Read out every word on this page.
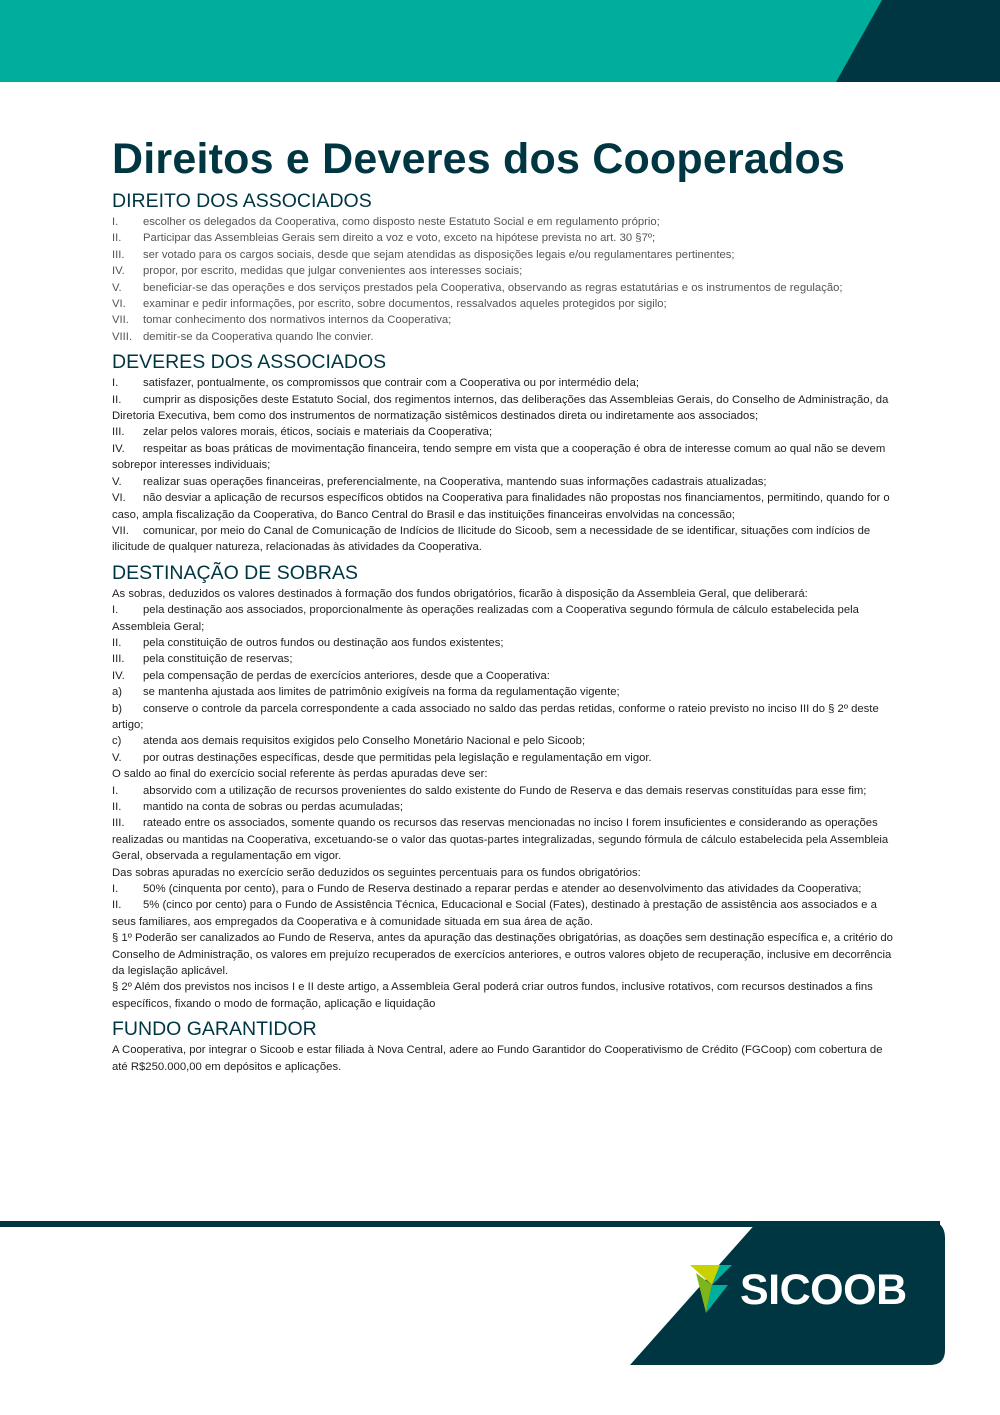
Direitos e Deveres dos Cooperados
DIREITO DOS ASSOCIADOS
I. escolher os delegados da Cooperativa, como disposto neste Estatuto Social e em regulamento próprio;
II. Participar das Assembleias Gerais sem direito a voz e voto, exceto na hipótese prevista no art. 30 §7º;
III. ser votado para os cargos sociais, desde que sejam atendidas as disposições legais e/ou regulamentares pertinentes;
IV. propor, por escrito, medidas que julgar convenientes aos interesses sociais;
V. beneficiar-se das operações e dos serviços prestados pela Cooperativa, observando as regras estatutárias e os instrumentos de regulação;
VI. examinar e pedir informações, por escrito, sobre documentos, ressalvados aqueles protegidos por sigilo;
VII. tomar conhecimento dos normativos internos da Cooperativa;
VIII. demitir-se da Cooperativa quando lhe convier.
DEVERES DOS ASSOCIADOS
I. satisfazer, pontualmente, os compromissos que contrair com a Cooperativa ou por intermédio dela;
II. cumprir as disposições deste Estatuto Social, dos regimentos internos, das deliberações das Assembleias Gerais, do Conselho de Administração, da Diretoria Executiva, bem como dos instrumentos de normatização sistêmicos destinados direta ou indiretamente aos associados;
III. zelar pelos valores morais, éticos, sociais e materiais da Cooperativa;
IV. respeitar as boas práticas de movimentação financeira, tendo sempre em vista que a cooperação é obra de interesse comum ao qual não se devem sobrepor interesses individuais;
V. realizar suas operações financeiras, preferencialmente, na Cooperativa, mantendo suas informações cadastrais atualizadas;
VI. não desviar a aplicação de recursos específicos obtidos na Cooperativa para finalidades não propostas nos financiamentos, permitindo, quando for o caso, ampla fiscalização da Cooperativa, do Banco Central do Brasil e das instituições financeiras envolvidas na concessão;
VII. comunicar, por meio do Canal de Comunicação de Indícios de Ilicitude do Sicoob, sem a necessidade de se identificar, situações com indícios de ilicitude de qualquer natureza, relacionadas às atividades da Cooperativa.
DESTINAÇÃO DE SOBRAS

As sobras, deduzidos os valores destinados à formação dos fundos obrigatórios, ficarão à disposição da Assembleia Geral, que deliberará:

I. pela destinação aos associados, proporcionalmente às operações realizadas com a Cooperativa segundo fórmula de cálculo estabelecida pela Assembleia Geral;
II. pela constituição de outros fundos ou destinação aos fundos existentes;
III. pela constituição de reservas;
IV. pela compensação de perdas de exercícios anteriores, desde que a Cooperativa:
a) se mantenha ajustada aos limites de patrimônio exigíveis na forma da regulamentação vigente;
b) conserve o controle da parcela correspondente a cada associado no saldo das perdas retidas, conforme o rateio previsto no inciso III do § 2º deste artigo;
c) atenda aos demais requisitos exigidos pelo Conselho Monetário Nacional e pelo Sicoob;
V. por outras destinações específicas, desde que permitidas pela legislação e regulamentação em vigor.

O saldo ao final do exercício social referente às perdas apuradas deve ser:

I. absorvido com a utilização de recursos provenientes do saldo existente do Fundo de Reserva e das demais reservas constituídas para esse fim;
II. mantido na conta de sobras ou perdas acumuladas;
III. rateado entre os associados, somente quando os recursos das reservas mencionadas no inciso I forem insuficientes e considerando as operações realizadas ou mantidas na Cooperativa, excetuando-se o valor das quotas-partes integralizadas, segundo fórmula de cálculo estabelecida pela Assembleia Geral, observada a regulamentação em vigor.

Das sobras apuradas no exercício serão deduzidos os seguintes percentuais para os fundos obrigatórios:

I. 50% (cinquenta por cento), para o Fundo de Reserva destinado a reparar perdas e atender ao desenvolvimento das atividades da Cooperativa;
II. 5% (cinco por cento) para o Fundo de Assistência Técnica, Educacional e Social (Fates), destinado à prestação de assistência aos associados e a seus familiares, aos empregados da Cooperativa e à comunidade situada em sua área de ação.

§ 1º Poderão ser canalizados ao Fundo de Reserva, antes da apuração das destinações obrigatórias, as doações sem destinação específica e, a critério do Conselho de Administração, os valores em prejuízo recuperados de exercícios anteriores, e outros valores objeto de recuperação, inclusive em decorrência da legislação aplicável.

§ 2º Além dos previstos nos incisos I e II deste artigo, a Assembleia Geral poderá criar outros fundos, inclusive rotativos, com recursos destinados a fins específicos, fixando o modo de formação, aplicação e liquidação

FUNDO GARANTIDOR

A Cooperativa, por integrar o Sicoob e estar filiada à Nova Central, adere ao Fundo Garantidor do Cooperativismo de Crédito (FGCoop) com cobertura de até R$250.000,00 em depósitos e aplicações.

SICOOB
